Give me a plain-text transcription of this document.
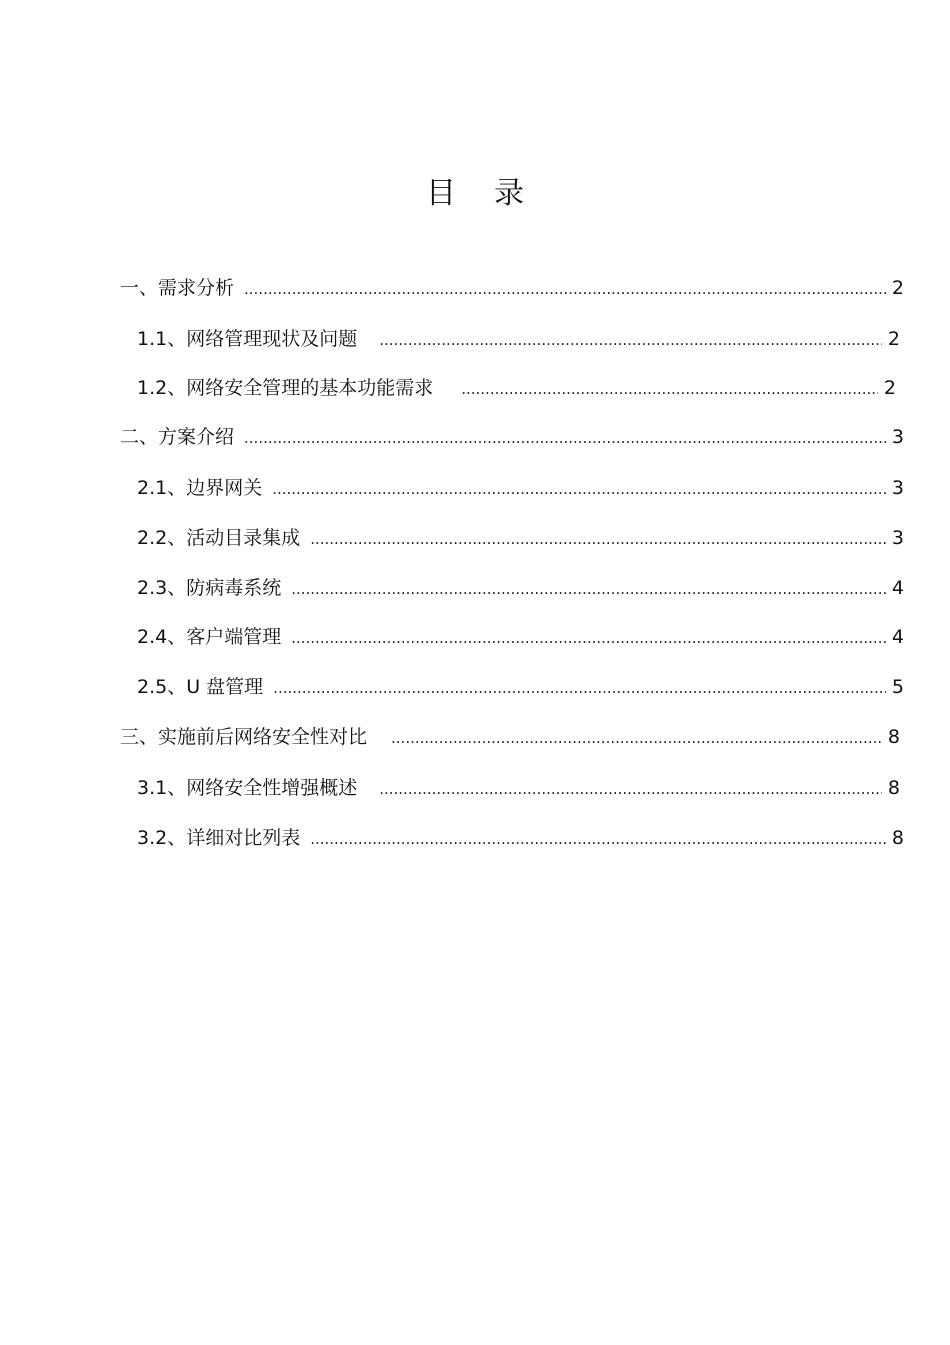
目 录
一、需求分析 .....	2
1.1、网络管理现状及问题 .....	2
1.2、网络安全管理的基本功能需求 .....	2
二、方案介绍 .....	3
2.1、边界网关 .....	3
2.2、活动目录集成 .....	3
2.3、防病毒系统 .....	4
2.4、客户端管理 .....	4
2.5、U 盘管理 .....	5
三、实施前后网络安全性对比 .....	8
3.1、网络安全性增强概述 .....	8
3.2、详细对比列表 .....	8
